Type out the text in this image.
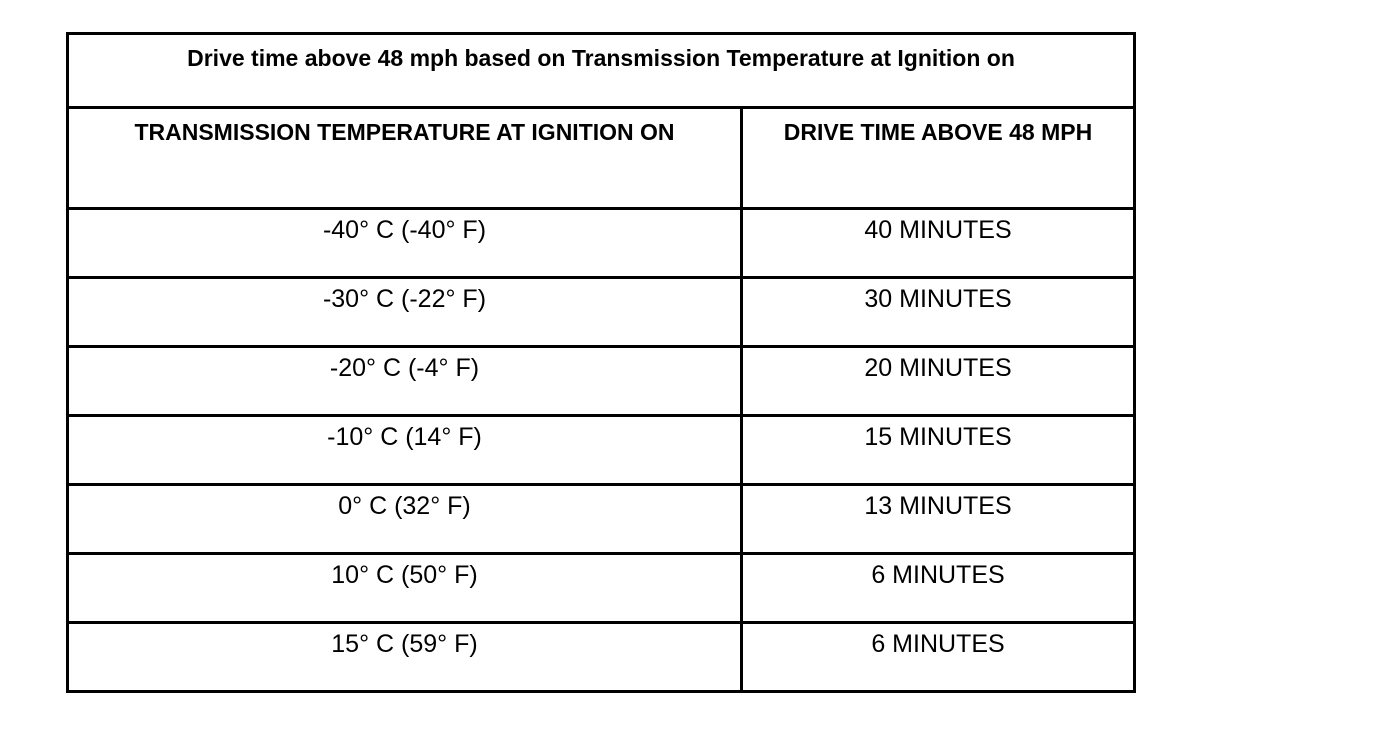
Drive time above 48 mph based on Transmission Temperature at Ignition on	
TRANSMISSION TEMPERATURE AT IGNITION ON	DRIVE TIME ABOVE 48 MPH
-40° C (-40° F)	40 MINUTES
-30° C (-22° F)	30 MINUTES
-20° C (-4° F)	20 MINUTES
-10° C (14° F)	15 MINUTES
0° C (32° F)	13 MINUTES
10° C (50° F)	6 MINUTES
15° C (59° F)	6 MINUTES
